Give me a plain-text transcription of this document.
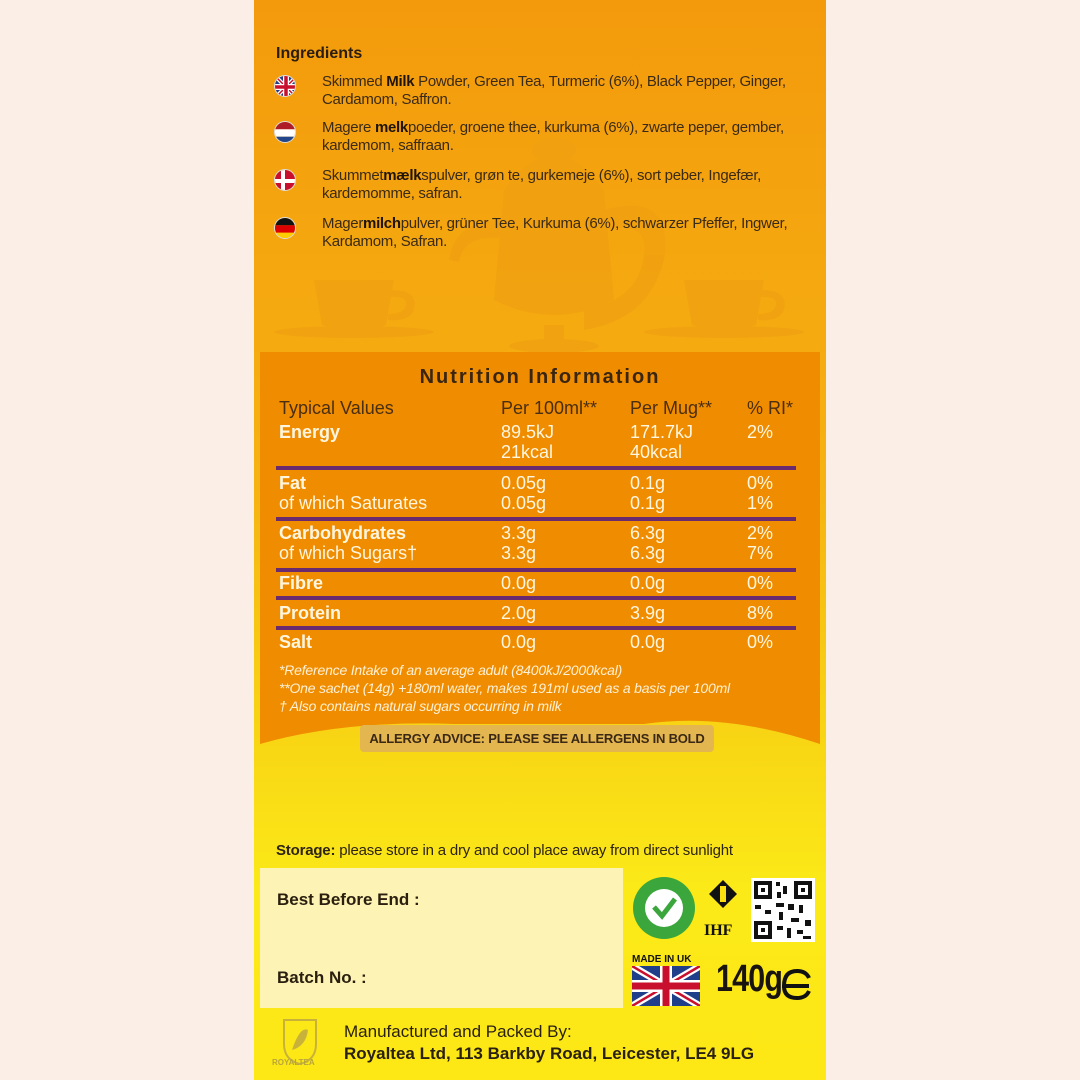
Ingredients
Skimmed Milk Powder, Green Tea, Turmeric (6%), Black Pepper, Ginger, Cardamom, Saffron.
Magere melkpoeder, groene thee, kurkuma (6%), zwarte peper, gember, kardemom, saffraan.
Skummetmælkspulver, grøn te, gurkemeje (6%), sort peber, Ingefær, kardemomme, safran.
Magermilchpulver, grüner Tee, Kurkuma (6%), schwarzer Pfeffer, Ingwer, Kardamom, Safran.
Nutrition Information
Typical Values	Per 100ml** Per Mug** % RI*
Energy	89.5kJ	171.7kJ	2%
21kcal	40kcal
Fat	0.05g	0.1g	0%
of which Saturates	0.05g	0.1g	1%
Carbohydrates	3.3g	6.3g	2%
of which Sugars†	3.3g	6.3g	7%
Fibre	0.0g	0.0g	0%
Protein	2.0g	3.9g	8%
Salt	0.0g	0.0g	0%
*Reference Intake of an average adult (8400kJ/2000kcal)
**One sachet (14g) +180ml water, makes 191ml used as a basis per 100ml
† Also contains natural sugars occurring in milk
ALLERGY ADVICE: PLEASE SEE ALLERGENS IN BOLD
Storage: please store in a dry and cool place away from direct sunlight
Best Before End :
Batch No. :
IHF
MADE IN UK 140g
ROYALTEA
Manufactured and Packed By:
Royaltea Ltd, 113 Barkby Road, Leicester, LE4 9LG
